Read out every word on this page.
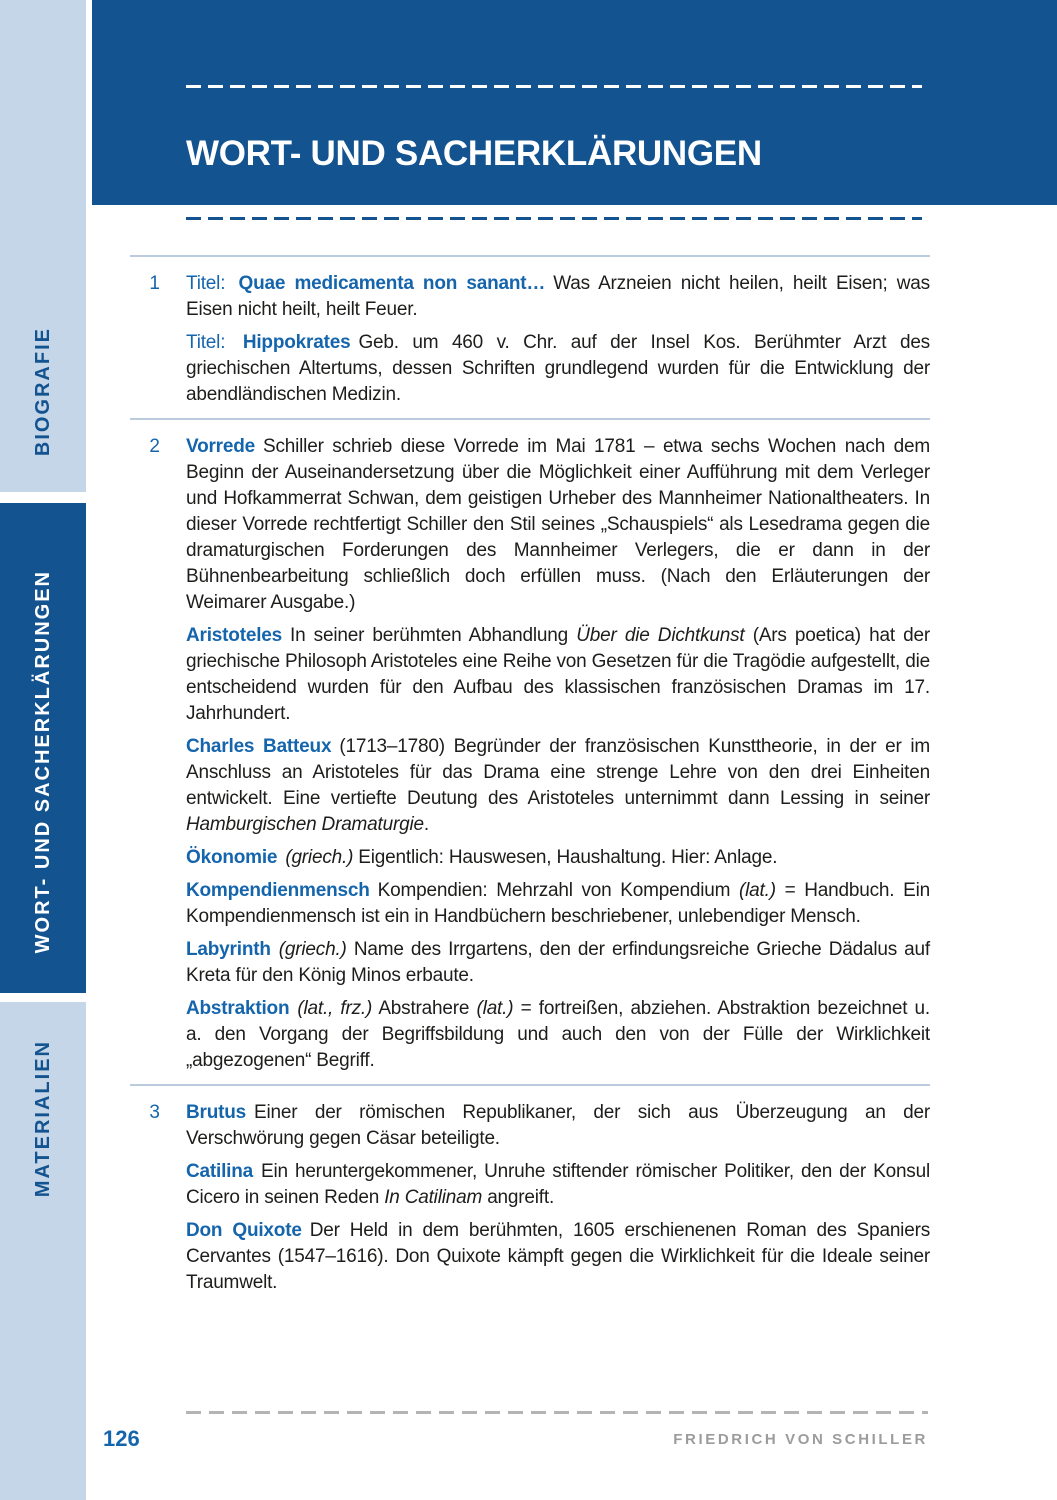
BIOGRAFIE
WORT- UND SACHERKLÄRUNGEN
MATERIALIEN
WORT- UND SACHERKLÄRUNGEN
1 Titel: Quae medicamenta non sanant… Was Arzneien nicht heilen, heilt Eisen; was Eisen nicht heilt, heilt Feuer.

Titel: Hippokrates Geb. um 460 v. Chr. auf der Insel Kos. Berühmter Arzt des griechischen Altertums, dessen Schriften grundlegend wurden für die Entwicklung der abendländischen Medizin.

2 Vorrede Schiller schrieb diese Vorrede im Mai 1781 – etwa sechs Wochen nach dem Beginn der Auseinandersetzung über die Möglichkeit einer Aufführung mit dem Verleger und Hofkammerrat Schwan, dem geistigen Urheber des Mannheimer Nationaltheaters. In dieser Vorrede rechtfertigt Schiller den Stil seines „Schauspiels“ als Lesedrama gegen die dramaturgischen Forderungen des Mannheimer Verlegers, die er dann in der Bühnenbearbeitung schließlich doch erfüllen muss. (Nach den Erläuterungen der Weimarer Ausgabe.)

Aristoteles In seiner berühmten Abhandlung Über die Dichtkunst (Ars poetica) hat der griechische Philosoph Aristoteles eine Reihe von Gesetzen für die Tragödie aufgestellt, die entscheidend wurden für den Aufbau des klassischen französischen Dramas im 17. Jahrhundert.

Charles Batteux (1713–1780) Begründer der französischen Kunsttheorie, in der er im Anschluss an Aristoteles für das Drama eine strenge Lehre von den drei Einheiten entwickelt. Eine vertiefte Deutung des Aristoteles unternimmt dann Lessing in seiner Hamburgischen Dramaturgie.

Ökonomie (griech.) Eigentlich: Hauswesen, Haushaltung. Hier: Anlage.

Kompendienmensch Kompendien: Mehrzahl von Kompendium (lat.) = Handbuch. Ein Kompendienmensch ist ein in Handbüchern beschriebener, unlebendiger Mensch.

Labyrinth (griech.) Name des Irrgartens, den der erfindungsreiche Grieche Dädalus auf Kreta für den König Minos erbaute.

Abstraktion (lat., frz.) Abstrahere (lat.) = fortreißen, abziehen. Abstraktion bezeichnet u. a. den Vorgang der Begriffsbildung und auch den von der Fülle der Wirklichkeit „abgezogenen“ Begriff.

3 Brutus Einer der römischen Republikaner, der sich aus Überzeugung an der Verschwörung gegen Cäsar beteiligte.

Catilina Ein heruntergekommener, Unruhe stiftender römischer Politiker, den der Konsul Cicero in seinen Reden In Catilinam angreift.

Don Quixote Der Held in dem berühmten, 1605 erschienenen Roman des Spaniers Cervantes (1547–1616). Don Quixote kämpft gegen die Wirklichkeit für die Ideale seiner Traumwelt.

126	FRIEDRICH VON SCHILLER
